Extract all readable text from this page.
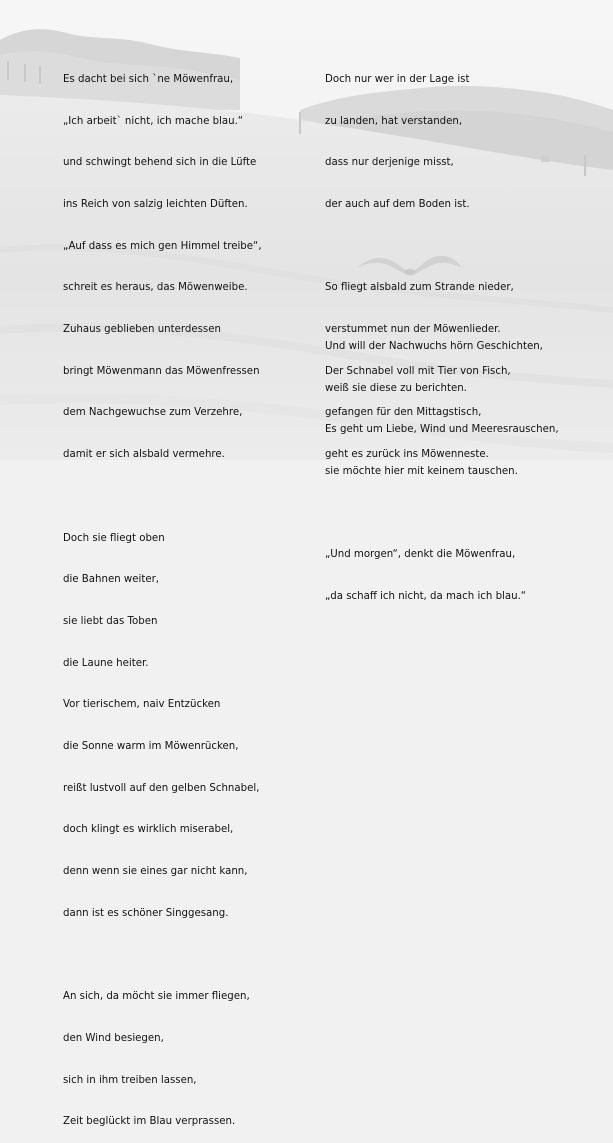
Es dacht bei sich `ne Möwenfrau,

„Ich arbeit` nicht, ich mache blau.“

und schwingt behend sich in die Lüfte

ins Reich von salzig leichten Düften.

„Auf dass es mich gen Himmel treibe“,

schreit es heraus, das Möwenweibe.

Zuhaus geblieben unterdessen

bringt Möwenmann das Möwenfressen

dem Nachgewuchse zum Verzehre,

damit er sich alsbald vermehre.

Doch sie fliegt oben

die Bahnen weiter,

sie liebt das Toben

die Laune heiter.

Vor tierischem, naiv Entzücken

die Sonne warm im Möwenrücken,

reißt lustvoll auf den gelben Schnabel,

doch klingt es wirklich miserabel,

denn wenn sie eines gar nicht kann,

dann ist es schöner Singgesang.

An sich, da möcht sie immer fliegen,

den Wind besiegen,

sich in ihm treiben lassen,

Zeit beglückt im Blau verprassen.

Doch nur wer in der Lage ist

zu landen, hat verstanden,

dass nur derjenige misst,

der auch auf dem Boden ist.

So fliegt alsbald zum Strande nieder,

verstummet nun der Möwenlieder.

Der Schnabel voll mit Tier von Fisch,

gefangen für den Mittagstisch,

geht es zurück ins Möwenneste.

Und will der Nachwuchs hörn Geschichten,

weiß sie diese zu berichten.

Es geht um Liebe, Wind und Meeresrauschen,

sie möchte hier mit keinem tauschen.

„Und morgen“, denkt die Möwenfrau,

„da schaff ich nicht, da mach ich blau.“
